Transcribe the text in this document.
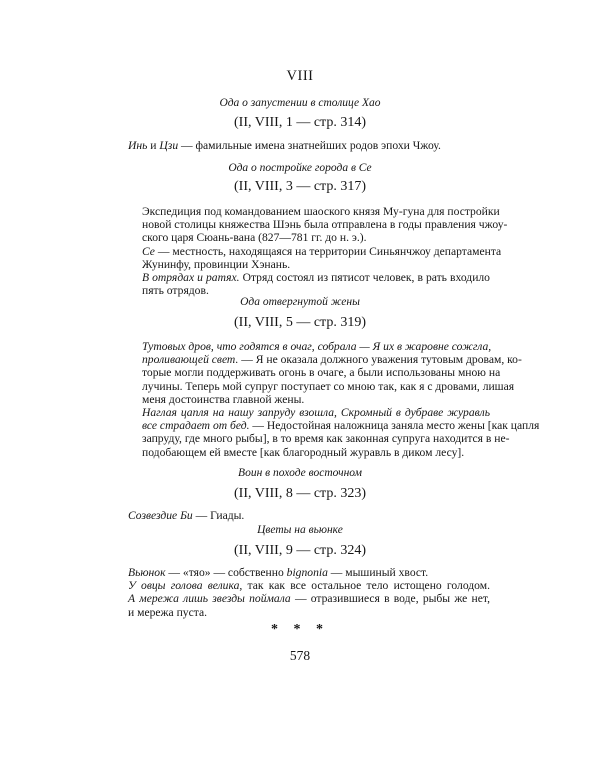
VIII
Ода о запустении в столице Хао
(II, VIII, 1 — стр. 314)

Инь и Цзи — фамильные имена знатнейших родов эпохи Чжоу.

Ода о постройке города в Се
(II, VIII, 3 — стр. 317)

Экспедиция под командованием шаоского князя Му-гуна для постройки
новой столицы княжества Шэнь была отправлена в годы правления чжоу-
ского царя Сюань-вана (827—781 гг. до н. э.).

Се — местность, находящаяся на территории Синьянчжоу департамента
Жунинфу, провинции Хэнань.

В отрядах и ратях. Отряд состоял из пятисот человек, в рать входило
пять отрядов.

Ода отвергнутой жены
(II, VIII, 5 — стр. 319)

Тутовых дров, что годятся в очаг, собрала — Я их в жаровне сожгла,
проливающей свет. — Я не оказала должного уважения тутовым дровам, ко-
торые могли поддерживать огонь в очаге, а были использованы мною на
лучины. Теперь мой супруг поступает со мною так, как я с дровами, лишая
меня достоинства главной жены.

Наглая цапля на нашу запруду взошла, Скромный в дубраве журавль
все страдает от бед. — Недостойная наложница заняла место жены [как цапля
запруду, где много рыбы], в то время как законная супруга находится в не-
подобающем ей вместе [как благородный журавль в диком лесу].

Воин в походе восточном
(II, VIII, 8 — стр. 323)

Созвездие Би — Гиады.

Цветы на вьюнке
(II, VIII, 9 — стр. 324)

Вьюнок — «тяо» — собственно bignonia — мышиный хвост.

У овцы голова велика, так как все остальное тело истощено голодом.

А мережа лишь звезды поймала — отразившиеся в воде, рыбы же нет,
и мережа пуста.

* * *
578
